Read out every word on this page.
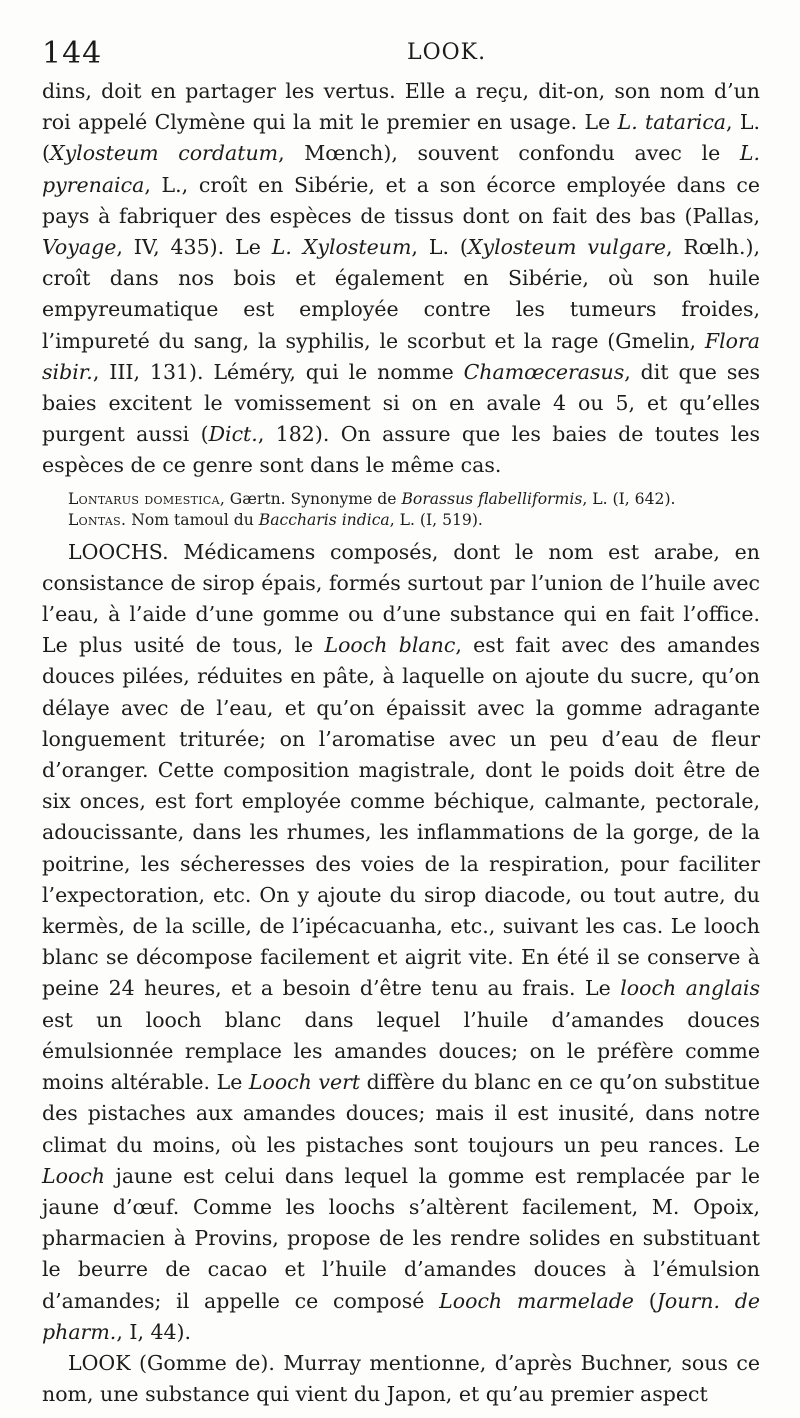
144	LOOK.

dins, doit en partager les vertus. Elle a reçu, dit-on, son nom d’un roi appelé Clymène qui la mit le premier en usage. Le L. tatarica, L. (Xylosteum cordatum, Mœnch), souvent confondu avec le L. pyrenaica, L., croît en Sibérie, et a son écorce employée dans ce pays à fabriquer des espèces de tissus dont on fait des bas (Pallas, Voyage, IV, 435). Le L. Xylosteum, L. (Xylosteum vulgare, Rœlh.), croît dans nos bois et également en Sibérie, où son huile empyreumatique est employée contre les tumeurs froides, l’impureté du sang, la syphilis, le scorbut et la rage (Gmelin, Flora sibir., III, 131). Léméry, qui le nomme Chamœcerasus, dit que ses baies excitent le vomissement si on en avale 4 ou 5, et qu’elles purgent aussi (Dict., 182). On assure que les baies de toutes les espèces de ce genre sont dans le même cas.

Lontarus domestica, Gærtn. Synonyme de Borassus flabelliformis, L. (I, 642).

Lontas. Nom tamoul du Baccharis indica, L. (I, 519).

LOOCHS. Médicamens composés, dont le nom est arabe, en consistance de sirop épais, formés surtout par l’union de l’huile avec l’eau, à l’aide d’une gomme ou d’une substance qui en fait l’office. Le plus usité de tous, le Looch blanc, est fait avec des amandes douces pilées, réduites en pâte, à laquelle on ajoute du sucre, qu’on délaye avec de l’eau, et qu’on épaissit avec la gomme adragante longuement triturée; on l’aromatise avec un peu d’eau de fleur d’oranger. Cette composition magistrale, dont le poids doit être de six onces, est fort employée comme béchique, calmante, pectorale, adoucissante, dans les rhumes, les inflammations de la gorge, de la poitrine, les sécheresses des voies de la respiration, pour faciliter l’expectoration, etc. On y ajoute du sirop diacode, ou tout autre, du kermès, de la scille, de l’ipécacuanha, etc., suivant les cas. Le looch blanc se décompose facilement et aigrit vite. En été il se conserve à peine 24 heures, et a besoin d’être tenu au frais. Le looch anglais est un looch blanc dans lequel l’huile d’amandes douces émulsionnée remplace les amandes douces; on le préfère comme moins altérable. Le Looch vert diffère du blanc en ce qu’on substitue des pistaches aux amandes douces; mais il est inusité, dans notre climat du moins, où les pistaches sont toujours un peu rances. Le Looch jaune est celui dans lequel la gomme est remplacée par le jaune d’œuf. Comme les loochs s’altèrent facilement, M. Opoix, pharmacien à Provins, propose de les rendre solides en substituant le beurre de cacao et l’huile d’amandes douces à l’émulsion d’amandes; il appelle ce composé Looch marmelade (Journ. de pharm., I, 44).

LOOK (Gomme de). Murray mentionne, d’après Buchner, sous ce nom, une substance qui vient du Japon, et qu’au premier aspect
